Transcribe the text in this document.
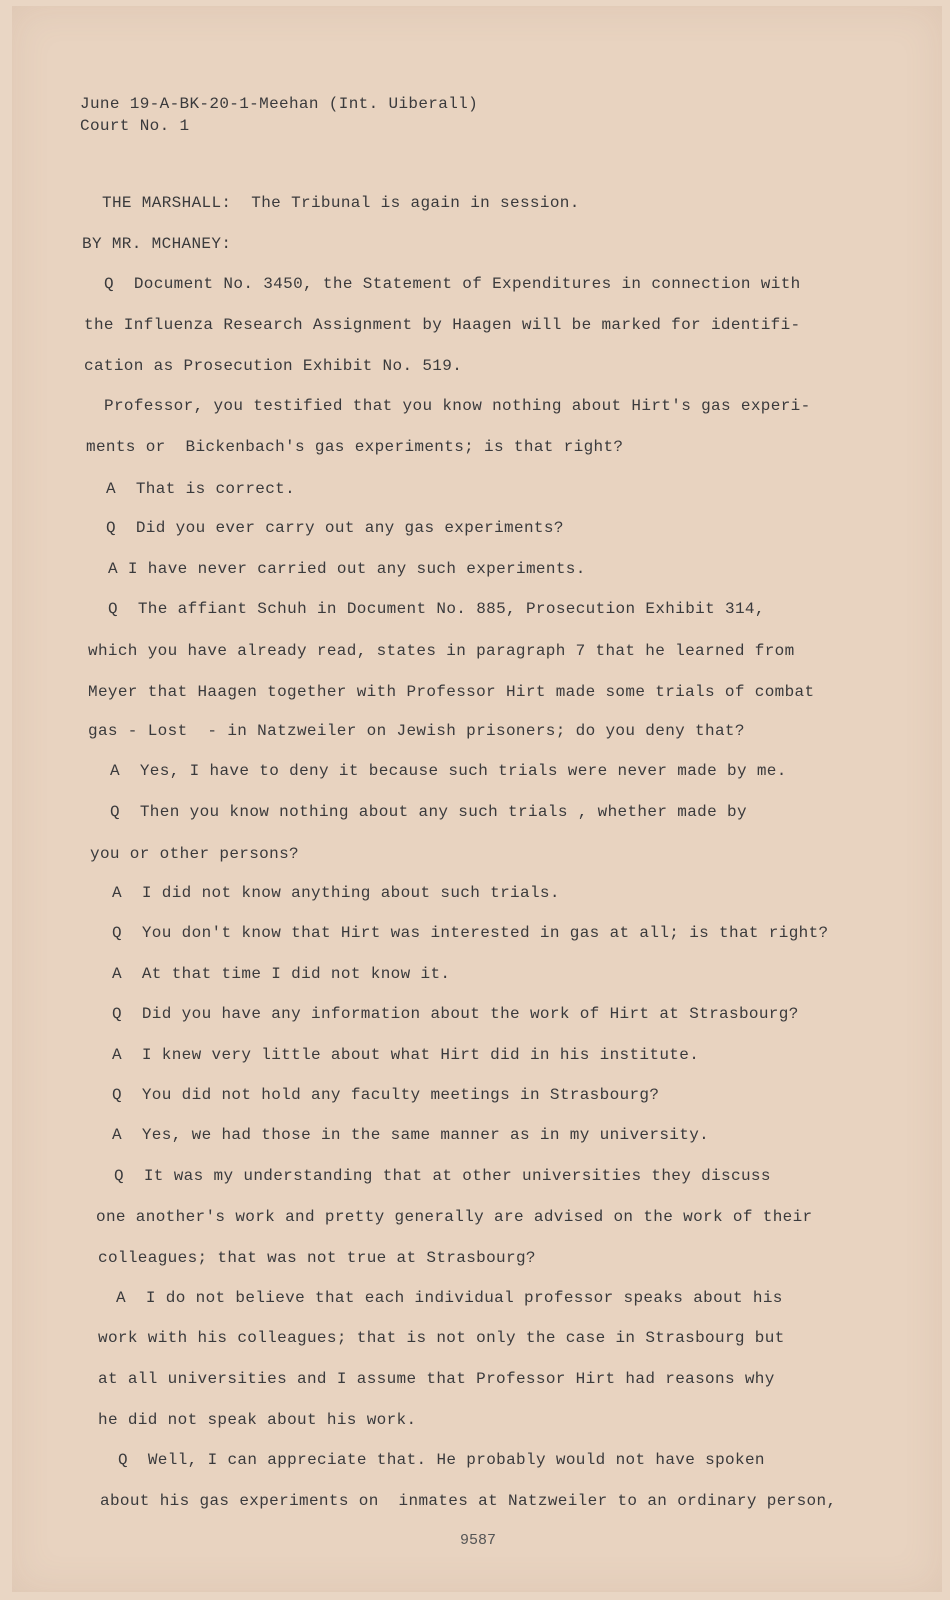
June 19-A-BK-20-1-Meehan (Int. Uiberall)
Court No. 1
THE MARSHALL:  The Tribunal is again in session.
BY MR. MCHANEY:
Q  Document No. 3450, the Statement of Expenditures in connection with
the Influenza Research Assignment by Haagen will be marked for identifi-
cation as Prosecution Exhibit No. 519.
Professor, you testified that you know nothing about Hirt's gas experi-
ments or  Bickenbach's gas experiments; is that right?
A  That is correct.
Q  Did you ever carry out any gas experiments?
A I have never carried out any such experiments.
Q  The affiant Schuh in Document No. 885, Prosecution Exhibit 314,
which you have already read, states in paragraph 7 that he learned from
Meyer that Haagen together with Professor Hirt made some trials of combat
gas - Lost  - in Natzweiler on Jewish prisoners; do you deny that?
A  Yes, I have to deny it because such trials were never made by me.
Q  Then you know nothing about any such trials , whether made by
you or other persons?
A  I did not know anything about such trials.
Q  You don't know that Hirt was interested in gas at all; is that right?
A  At that time I did not know it.
Q  Did you have any information about the work of Hirt at Strasbourg?
A  I knew very little about what Hirt did in his institute.
Q  You did not hold any faculty meetings in Strasbourg?
A  Yes, we had those in the same manner as in my university.
Q  It was my understanding that at other universities they discuss
one another's work and pretty generally are advised on the work of their
colleagues; that was not true at Strasbourg?
A  I do not believe that each individual professor speaks about his
work with his colleagues; that is not only the case in Strasbourg but
at all universities and I assume that Professor Hirt had reasons why
he did not speak about his work.
Q  Well, I can appreciate that. He probably would not have spoken
about his gas experiments on  inmates at Natzweiler to an ordinary person,
9587
